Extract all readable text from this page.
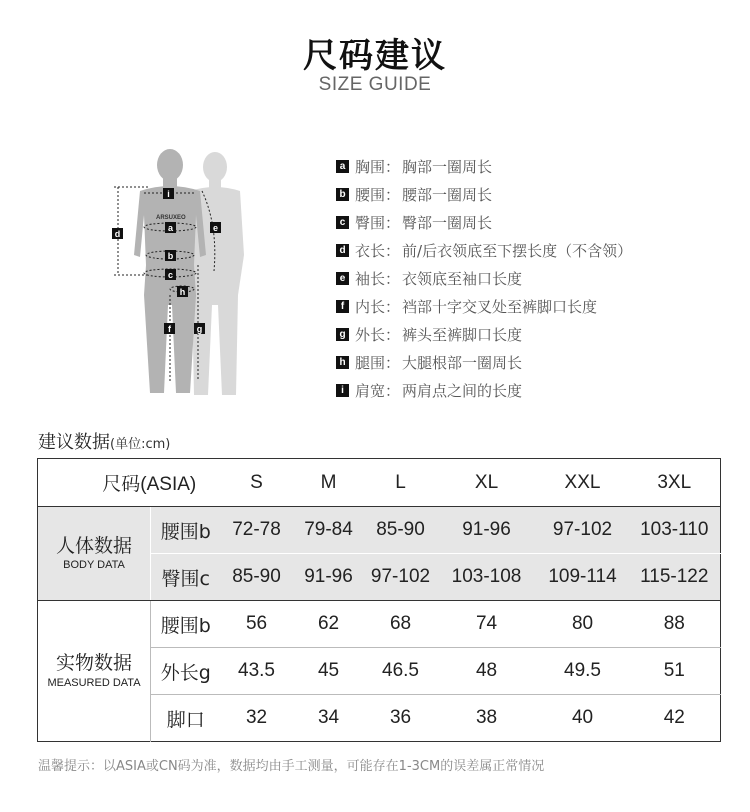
尺码建议
SIZE GUIDE
ARSUXEO
i
a	e
d
b
c
h
f	g
a 胸围 ： 胸部一圈周长
b 腰围 ： 腰部一圈周长
c 臀围 ： 臀部一圈周长
d 衣长 ： 前/后衣领底至下摆长度（不含领）
e 袖长 ： 衣领底至袖口长度
f 内长 ： 裆部十字交叉处至裤脚口长度
g 外长 ： 裤头至裤脚口长度
h 腿围 ： 大腿根部一圈周长
i 肩宽 ： 两肩点之间的长度
建议数据(单位:cm)
尺码(ASIA)		S	M	L	XL	XXL	3XL

人体数据
BODY DATA	腰围b	72-78	79-84	85-90	91-96	97-102	103-110
	臀围c	85-90	91-96	97-102	103-108	109-114	115-122

实物数据
MEASURED DATA	腰围b	56	62	68	74	80	88
	外长g	43.5	45	46.5	48	49.5	51
	脚口	32	34	36	38	40	42
温馨提示：以ASIA或CN码为准，数据均由手工测量，可能存在1-3CM的误差属正常情况
